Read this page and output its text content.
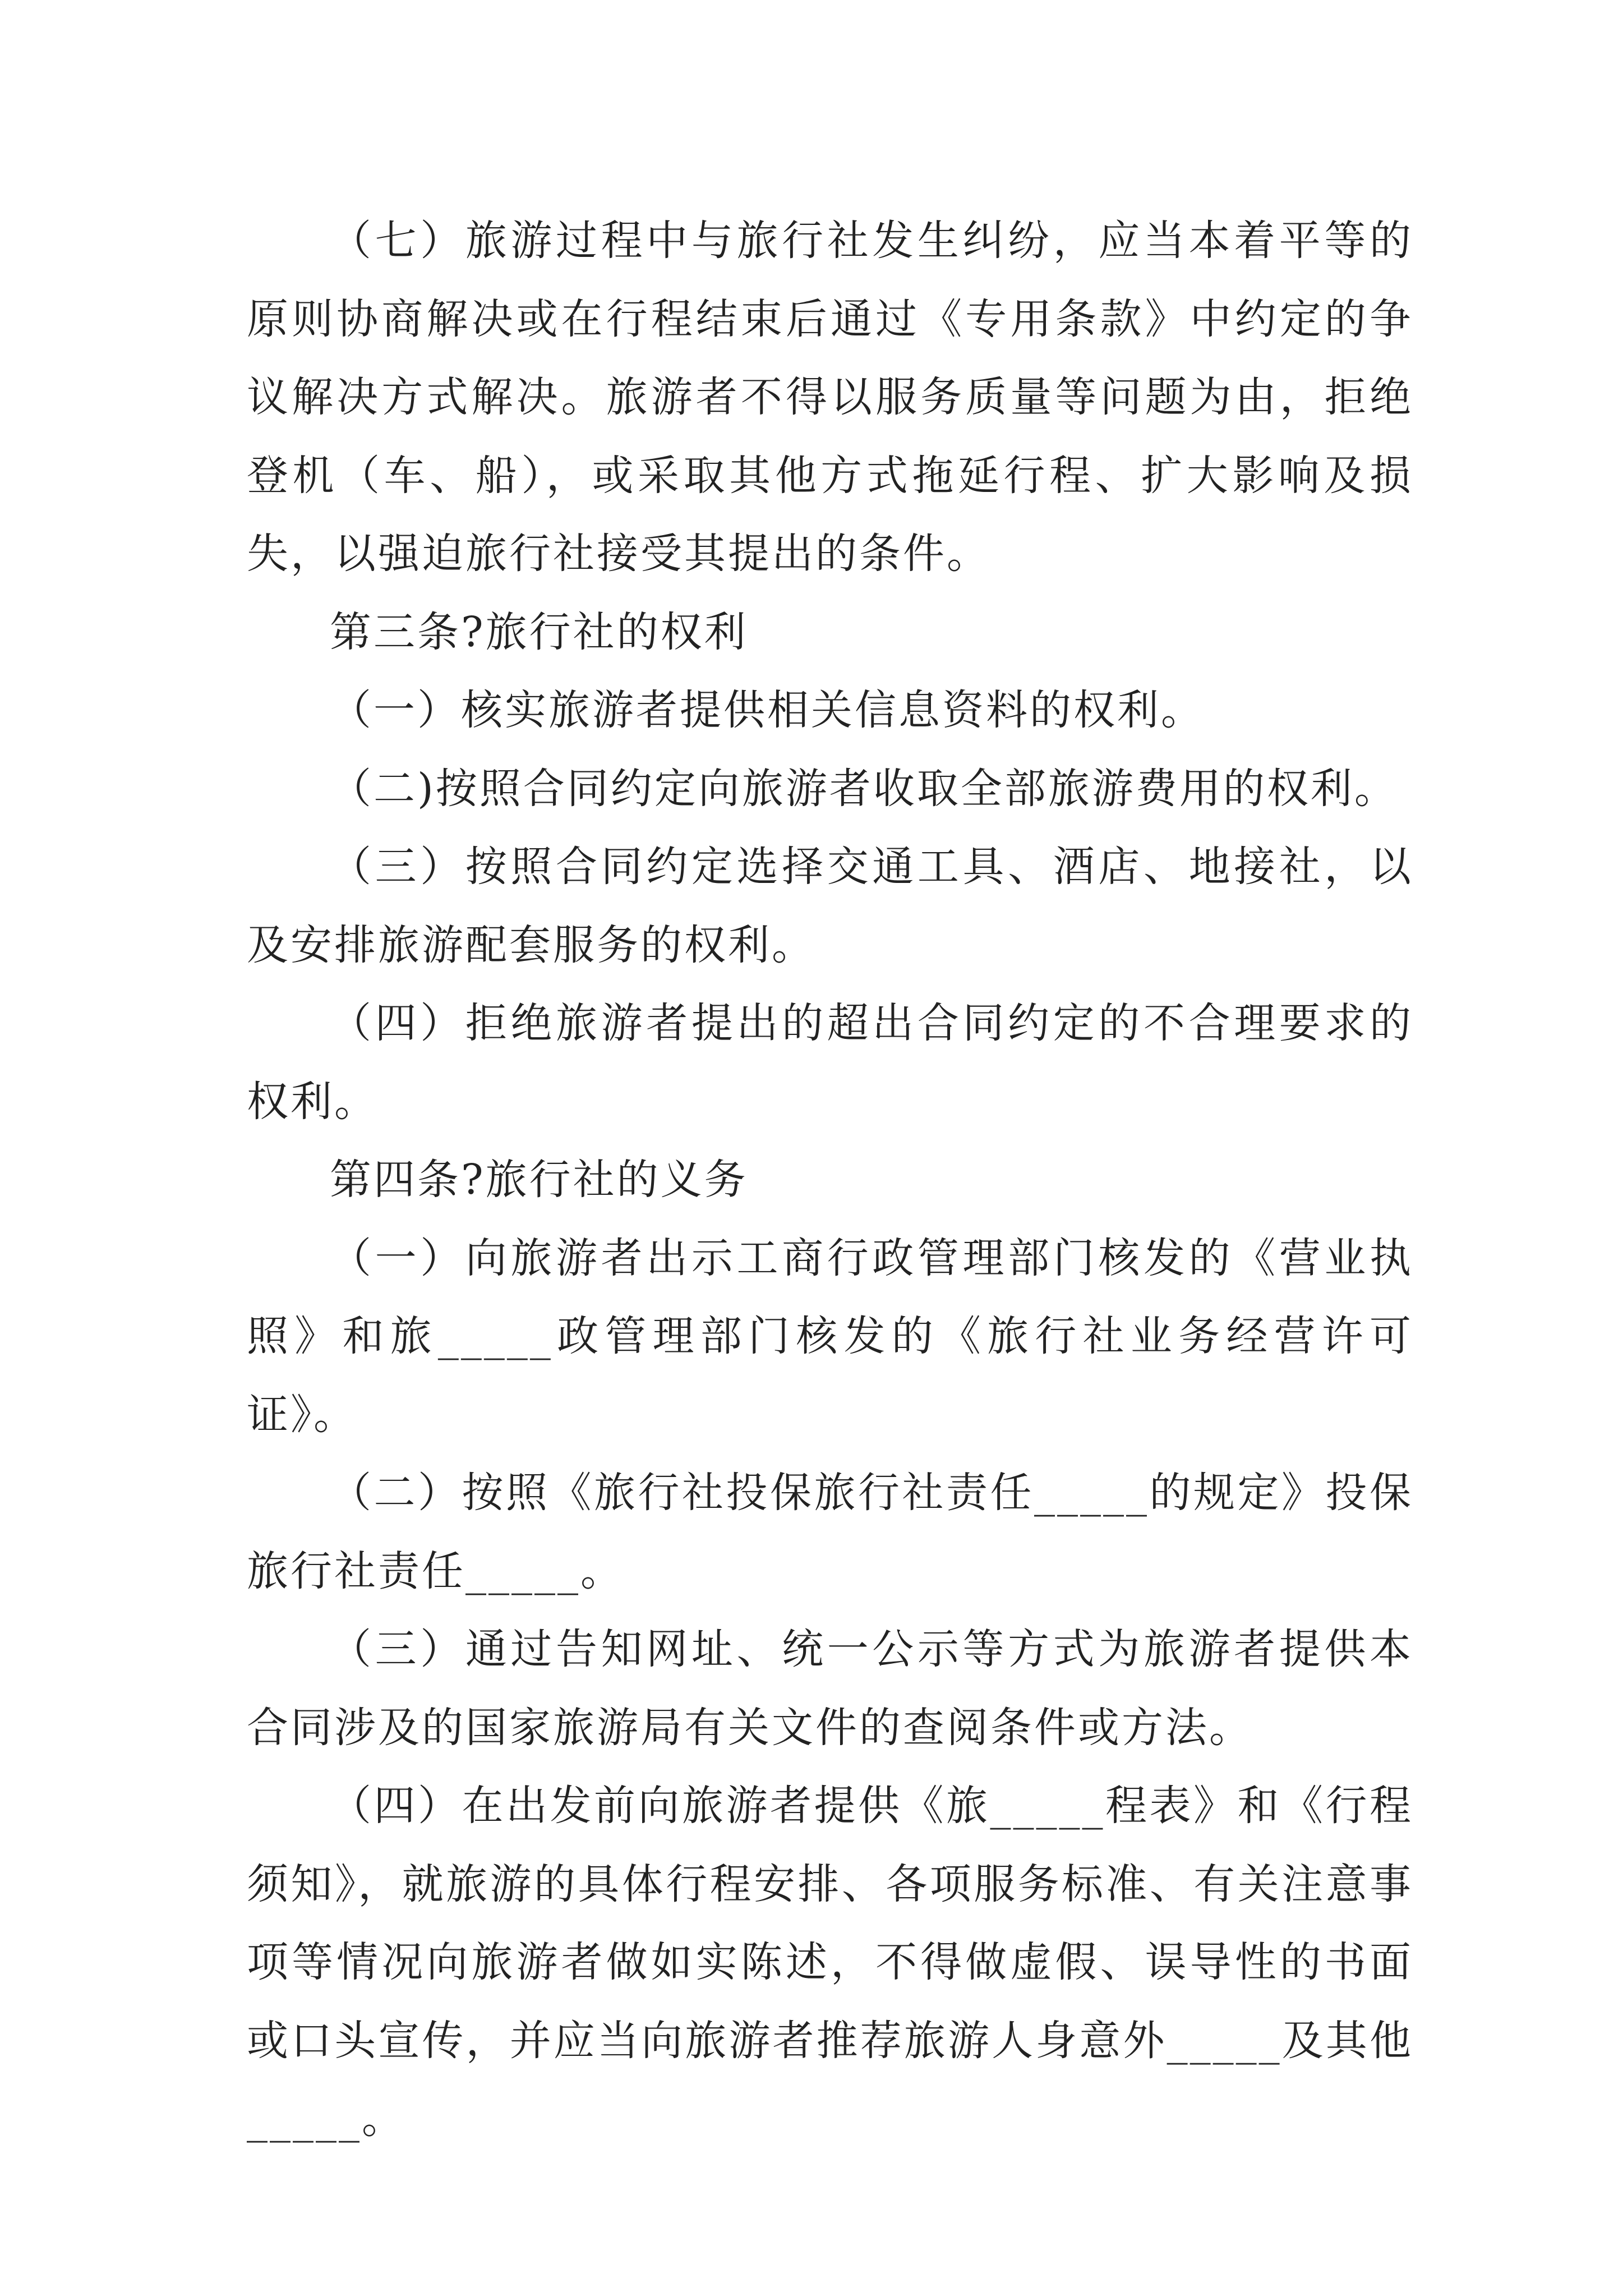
（七）旅游过程中与旅行社发生纠纷，应当本着平等的原则协商解决或在行程结束后通过《专用条款》中约定的争议解决方式解决。旅游者不得以服务质量等问题为由，拒绝登机（车、船），或采取其他方式拖延行程、扩大影响及损失，以强迫旅行社接受其提出的条件。

第三条?旅行社的权利

（一）核实旅游者提供相关信息资料的权利。

（二)按照合同约定向旅游者收取全部旅游费用的权利。

（三）按照合同约定选择交通工具、酒店、地接社，以及安排旅游配套服务的权利。

（四）拒绝旅游者提出的超出合同约定的不合理要求的权利。

第四条?旅行社的义务

（一）向旅游者出示工商行政管理部门核发的《营业执照》和旅_____政管理部门核发的《旅行社业务经营许可证》。

（二）按照《旅行社投保旅行社责任_____的规定》投保旅行社责任_____。

（三）通过告知网址、统一公示等方式为旅游者提供本合同涉及的国家旅游局有关文件的查阅条件或方法。

（四）在出发前向旅游者提供《旅_____程表》和《行程须知》，就旅游的具体行程安排、各项服务标准、有关注意事项等情况向旅游者做如实陈述，不得做虚假、误导性的书面或口头宣传，并应当向旅游者推荐旅游人身意外_____及其他_____。
